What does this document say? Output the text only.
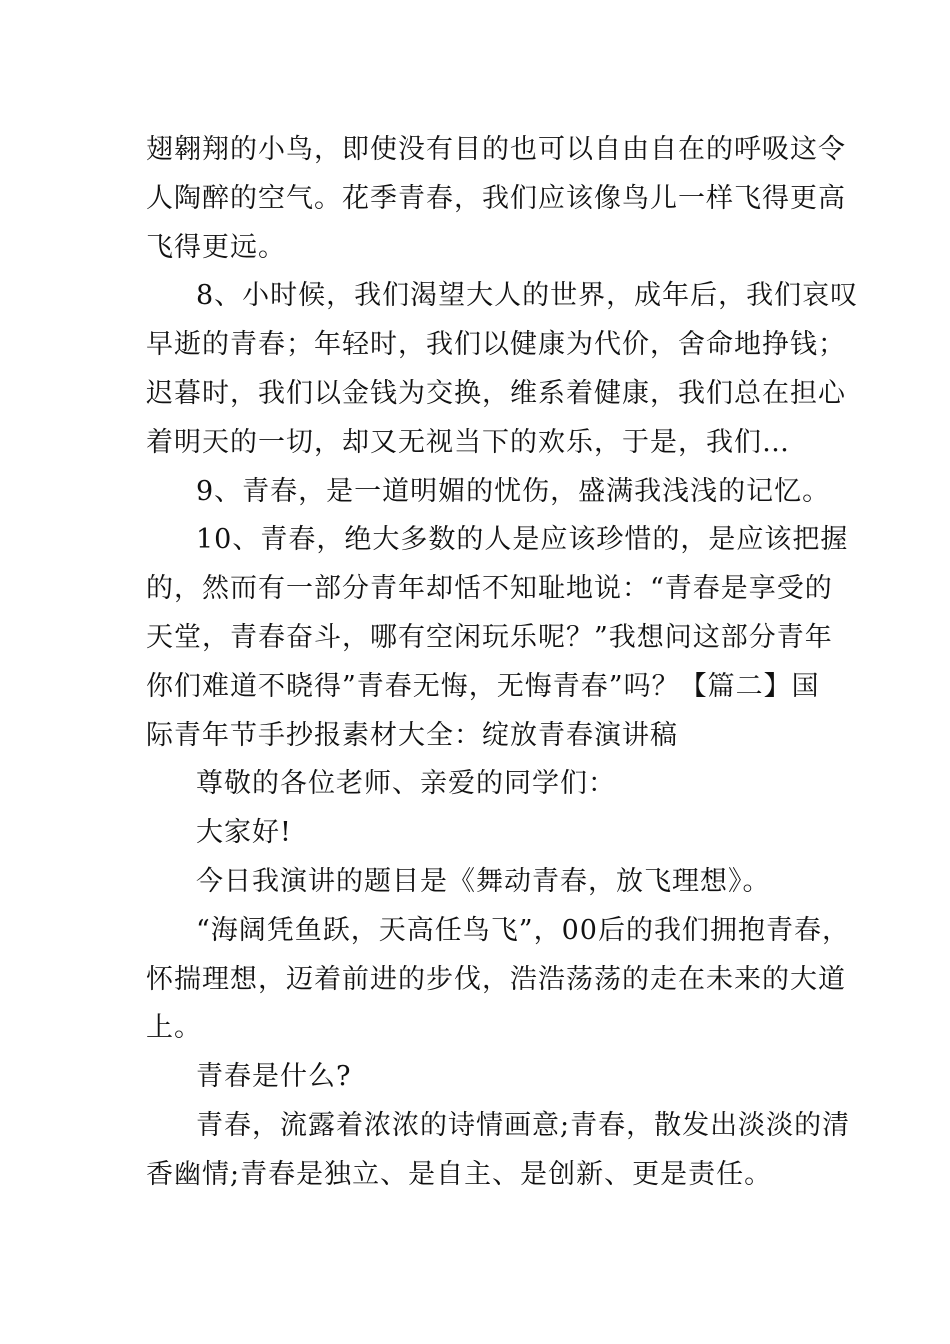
翅翱翔的小鸟，即使没有目的也可以自由自在的呼吸这令
人陶醉的空气。花季青春，我们应该像鸟儿一样飞得更高
飞得更远。
8、小时候，我们渴望大人的世界，成年后，我们哀叹
早逝的青春；年轻时，我们以健康为代价，舍命地挣钱；
迟暮时，我们以金钱为交换，维系着健康，我们总在担心
着明天的一切，却又无视当下的欢乐，于是，我们…
9、青春，是一道明媚的忧伤，盛满我浅浅的记忆。
10、青春，绝大多数的人是应该珍惜的，是应该把握
的，然而有一部分青年却恬不知耻地说：“青春是享受的
天堂，青春奋斗，哪有空闲玩乐呢？”我想问这部分青年
你们难道不晓得”青春无悔，无悔青春”吗？【篇二】国
际青年节手抄报素材大全：绽放青春演讲稿
尊敬的各位老师、亲爱的同学们：
大家好!
今日我演讲的题目是《舞动青春，放飞理想》。
“海阔凭鱼跃，天高任鸟飞”，00后的我们拥抱青春，
怀揣理想，迈着前进的步伐，浩浩荡荡的走在未来的大道
上。
青春是什么?
青春，流露着浓浓的诗情画意;青春，散发出淡淡的清
香幽情;青春是独立、是自主、是创新、更是责任。
